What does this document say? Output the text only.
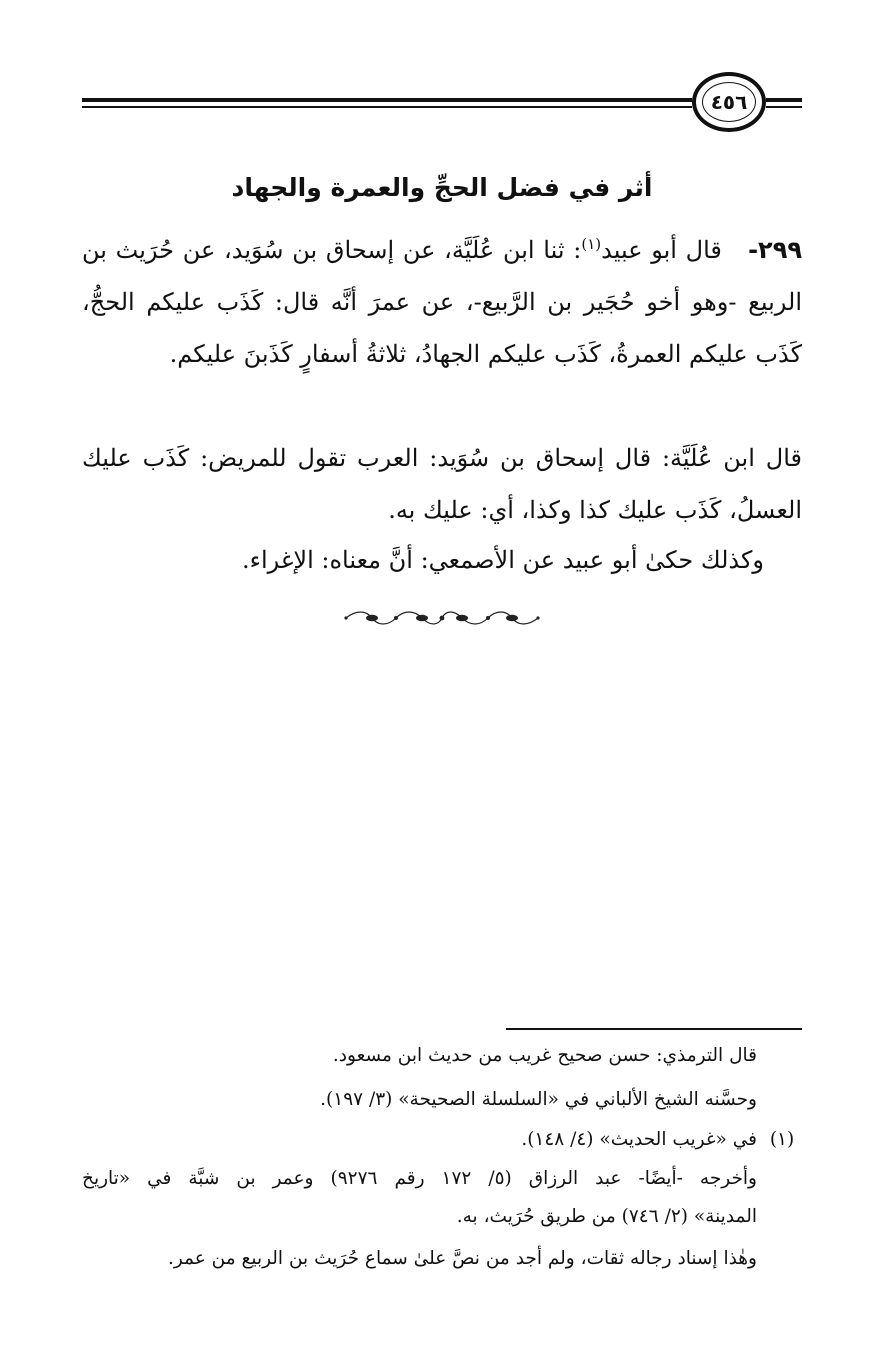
٤٥٦
أثر في فضل الحجِّ والعمرة والجهاد
٢٩٩-   قال أبو عبيد$^{(١)}$: ثنا ابن عُلَيَّة، عن إسحاق بن سُوَيد، عن حُرَيث بن الربيع -وهو أخو حُجَير بن الرَّبيع-، عن عمرَ أنَّه قال: كَذَب عليكم الحجُّ، كَذَب عليكم العمرةُ، كَذَب عليكم الجهادُ، ثلاثةُ أسفارٍ كَذَبنَ عليكم.
قال ابن عُلَيَّة: قال إسحاق بن سُوَيد: العرب تقول للمريض: كَذَب عليك العسلُ، كَذَب عليك كذا وكذا، أي: عليك به.
وكذلك حكىٰ أبو عبيد عن الأصمعي: أنَّ معناه: الإغراء.
قال الترمذي: حسن صحيح غريب من حديث ابن مسعود.
وحسَّنه الشيخ الألباني في «السلسلة الصحيحة» (٣/ ١٩٧).
(١)
في «غريب الحديث» (٤/ ١٤٨).
وأخرجه -أيضًا- عبد الرزاق (٥/ ١٧٢ رقم ٩٢٧٦) وعمر بن شبَّة في «تاريخ
المدينة» (٢/ ٧٤٦) من طريق حُرَيث، به.
وهٰذا إسناد رجاله ثقات، ولم أجد من نصَّ علىٰ سماع حُرَيث بن الربيع من عمر.
